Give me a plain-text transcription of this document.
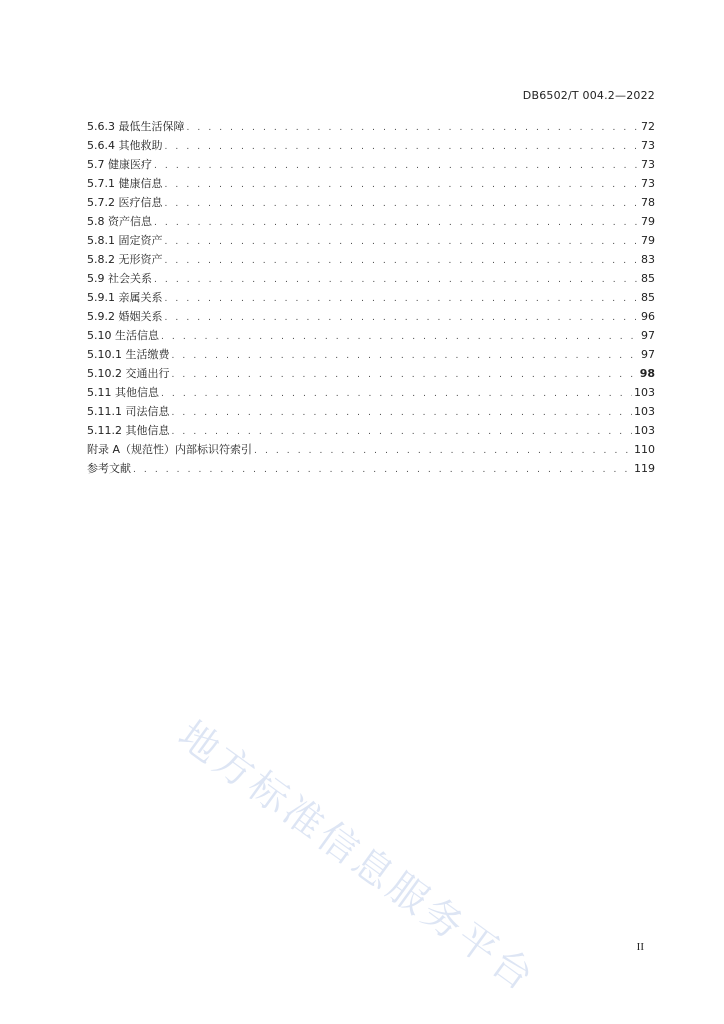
DB6502/T 004.2—2022
5.6.3 最低生活保障 . . .	72
5.6.4 其他救助 . . .	73
5.7 健康医疗 . . .	73
5.7.1 健康信息 . . .	73
5.7.2 医疗信息 . . .	78
5.8 资产信息 . . .	79
5.8.1 固定资产 . . .	79
5.8.2 无形资产 . . .	83
5.9 社会关系 . . .	85
5.9.1 亲属关系 . . .	85
5.9.2 婚姻关系 . . .	96
5.10 生活信息 . . .	97
5.10.1 生活缴费 . . .	97
5.10.2 交通出行 . . .	98
5.11 其他信息 . . .	103
5.11.1 司法信息 . . .	103
5.11.2 其他信息 . . .	103
附录 A（规范性）内部标识符索引 . . .	110
参考文献 . . .	119
地方标准信息服务平台	II
